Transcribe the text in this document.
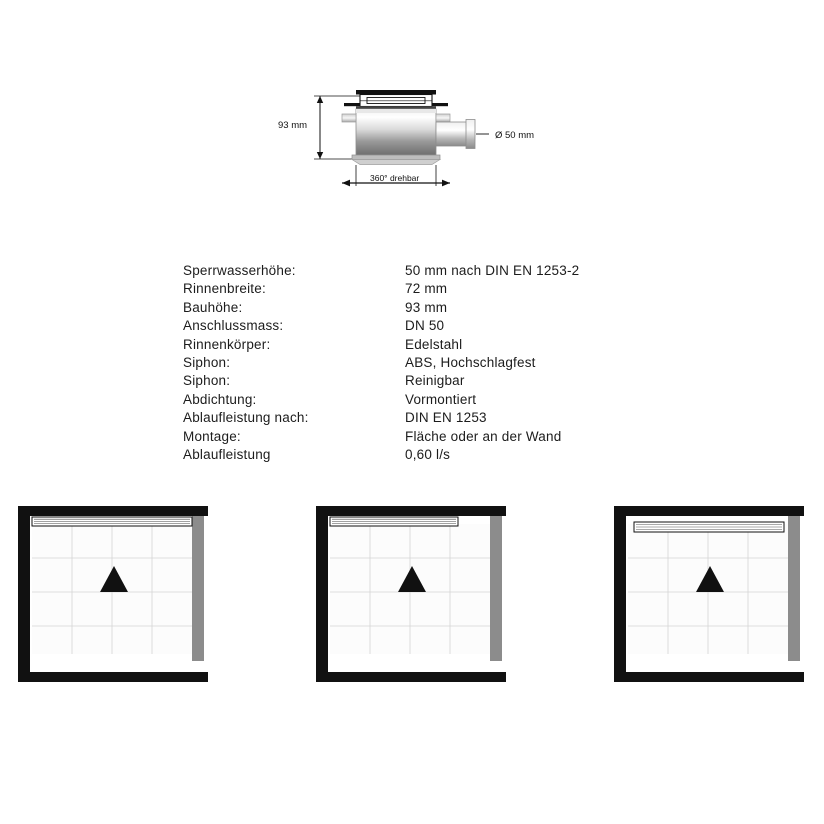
93 mm
Ø 50 mm
360° drehbar
Sperrwasserhöhe:	50 mm nach DIN EN 1253-2
Rinnenbreite:	72 mm
Bauhöhe:	93 mm
Anschlussmass:	DN 50
Rinnenkörper:	Edelstahl
Siphon:	ABS, Hochschlagfest
Siphon:	Reinigbar
Abdichtung:	Vormontiert
Ablaufleistung nach:	DIN EN 1253
Montage:	Fläche oder an der Wand
Ablaufleistung	0,60 l/s
